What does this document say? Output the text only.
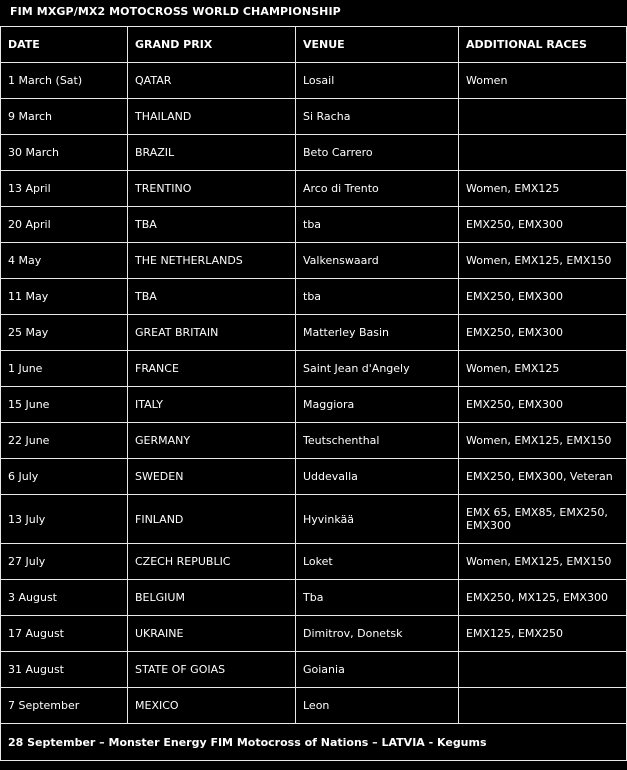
FIM MXGP/MX2 MOTOCROSS WORLD CHAMPIONSHIP
DATE	GRAND PRIX	VENUE	ADDITIONAL RACES
1 March (Sat)	QATAR	Losail	Women
9 March	THAILAND	Si Racha	
30 March	BRAZIL	Beto Carrero	
13 April	TRENTINO	Arco di Trento	Women, EMX125
20 April	TBA	tba	EMX250, EMX300
4 May	THE NETHERLANDS	Valkenswaard	Women, EMX125, EMX150
11 May	TBA	tba	EMX250, EMX300
25 May	GREAT BRITAIN	Matterley Basin	EMX250, EMX300
1 June	FRANCE	Saint Jean d'Angely	Women, EMX125
15 June	ITALY	Maggiora	EMX250, EMX300
22 June	GERMANY	Teutschenthal	Women, EMX125, EMX150
6 July	SWEDEN	Uddevalla	EMX250, EMX300, Veteran
13 July	FINLAND	Hyvinkää	EMX 65, EMX85, EMX250, EMX300
27 July	CZECH REPUBLIC	Loket	Women, EMX125, EMX150
3 August	BELGIUM	Tba	EMX250, MX125, EMX300
17 August	UKRAINE	Dimitrov, Donetsk	EMX125, EMX250
31 August	STATE OF GOIAS	Goiania	
7 September	MEXICO	Leon	
28 September – Monster Energy FIM Motocross of Nations – LATVIA - Kegums			
